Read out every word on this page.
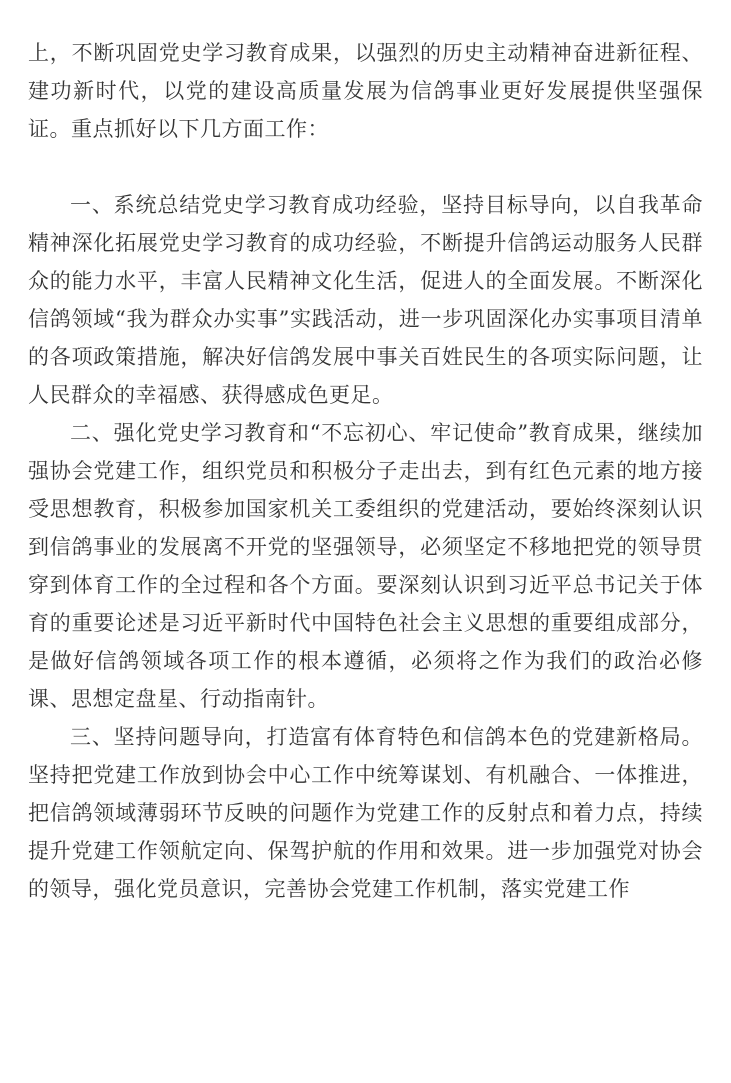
上，不断巩固党史学习教育成果，以强烈的历史主动精神奋进新征程、建功新时代，以党的建设高质量发展为信鸽事业更好发展提供坚强保证。重点抓好以下几方面工作：

一、系统总结党史学习教育成功经验，坚持目标导向，以自我革命精神深化拓展党史学习教育的成功经验，不断提升信鸽运动服务人民群众的能力水平，丰富人民精神文化生活，促进人的全面发展。不断深化信鸽领域“我为群众办实事”实践活动，进一步巩固深化办实事项目清单的各项政策措施，解决好信鸽发展中事关百姓民生的各项实际问题，让人民群众的幸福感、获得感成色更足。

二、强化党史学习教育和“不忘初心、牢记使命”教育成果，继续加强协会党建工作，组织党员和积极分子走出去，到有红色元素的地方接受思想教育，积极参加国家机关工委组织的党建活动，要始终深刻认识到信鸽事业的发展离不开党的坚强领导，必须坚定不移地把党的领导贯穿到体育工作的全过程和各个方面。要深刻认识到习近平总书记关于体育的重要论述是习近平新时代中国特色社会主义思想的重要组成部分，是做好信鸽领域各项工作的根本遵循，必须将之作为我们的政治必修课、思想定盘星、行动指南针。

三、坚持问题导向，打造富有体育特色和信鸽本色的党建新格局。坚持把党建工作放到协会中心工作中统筹谋划、有机融合、一体推进，把信鸽领域薄弱环节反映的问题作为党建工作的反射点和着力点，持续提升党建工作领航定向、保驾护航的作用和效果。进一步加强党对协会的领导，强化党员意识，完善协会党建工作机制，落实党建工作
